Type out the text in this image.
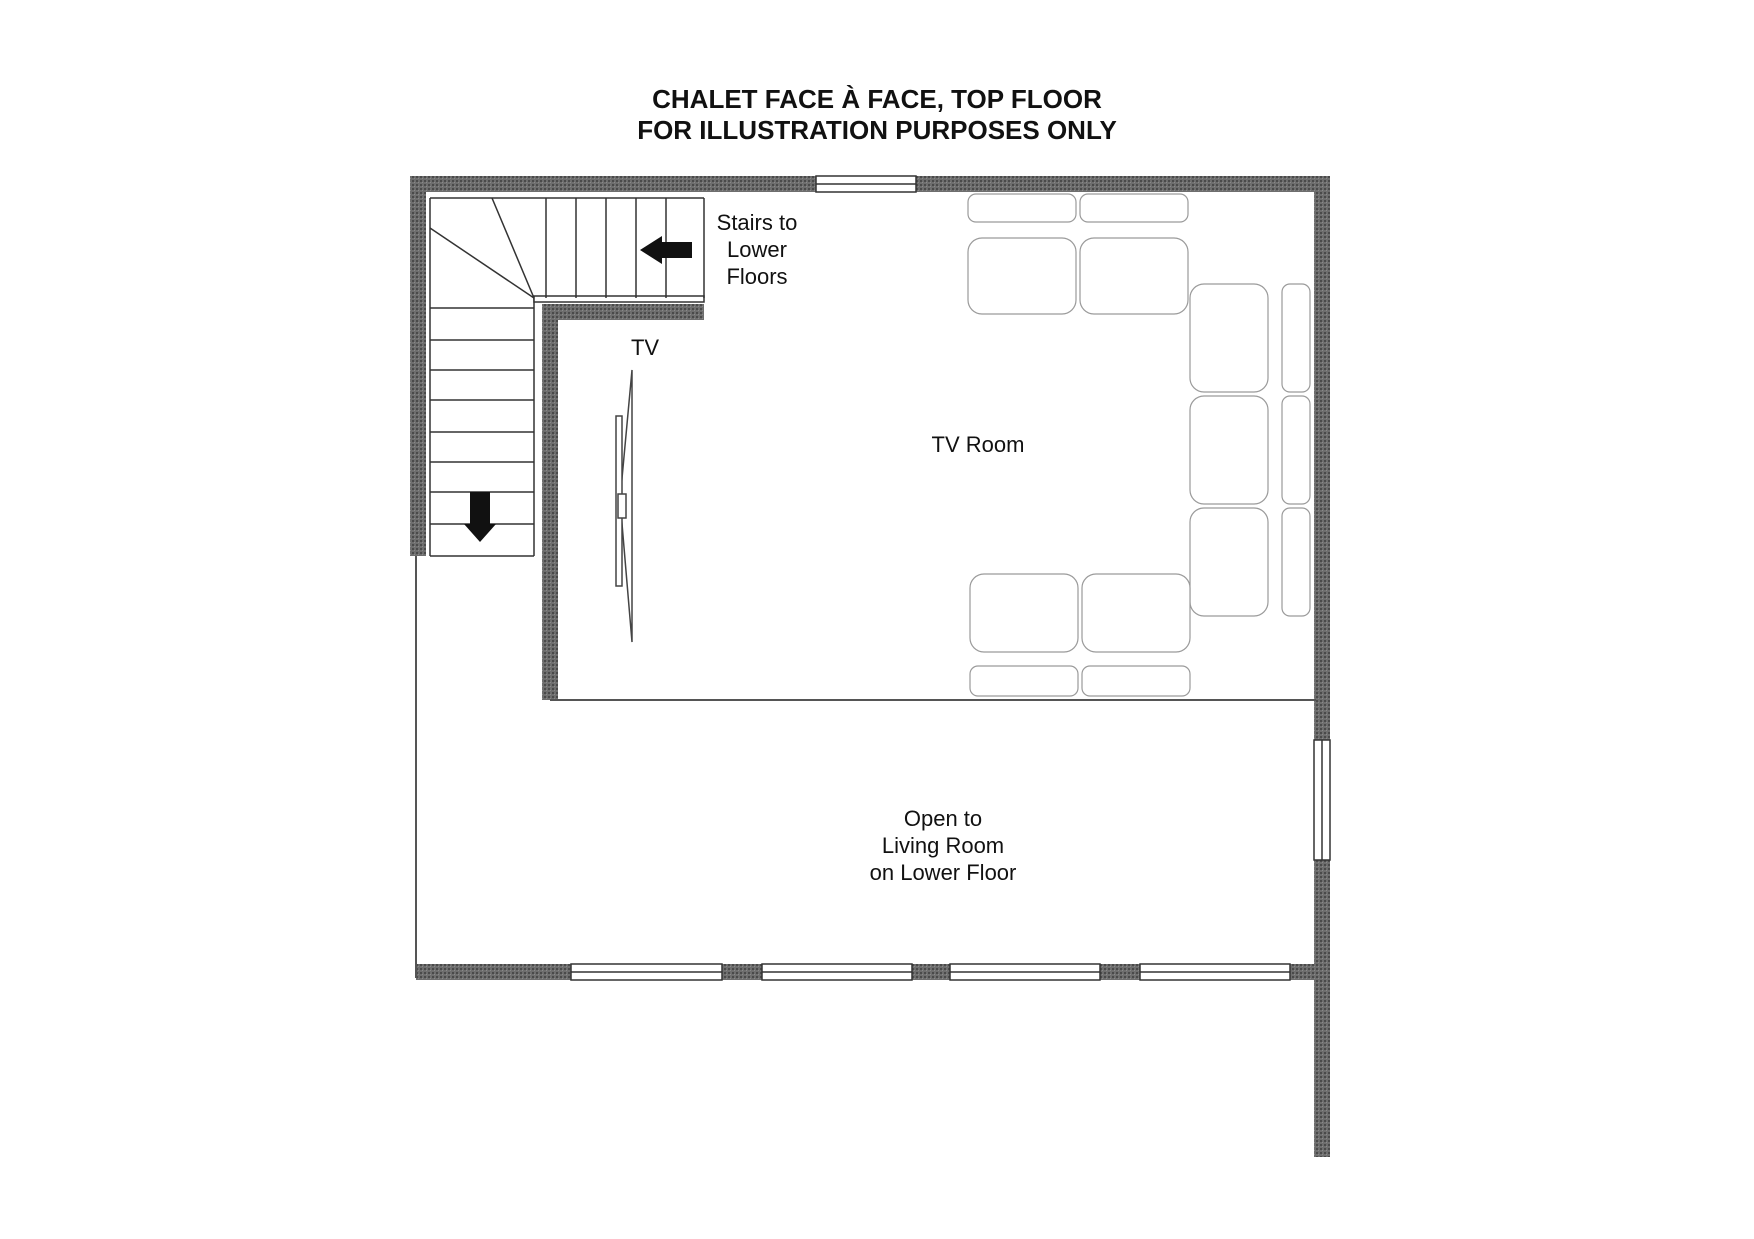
CHALET FACE À FACE, TOP FLOOR
FOR ILLUSTRATION PURPOSES ONLY
Stairs to
Lower
Floors
TV
TV Room
Open to
Living Room
on Lower Floor
